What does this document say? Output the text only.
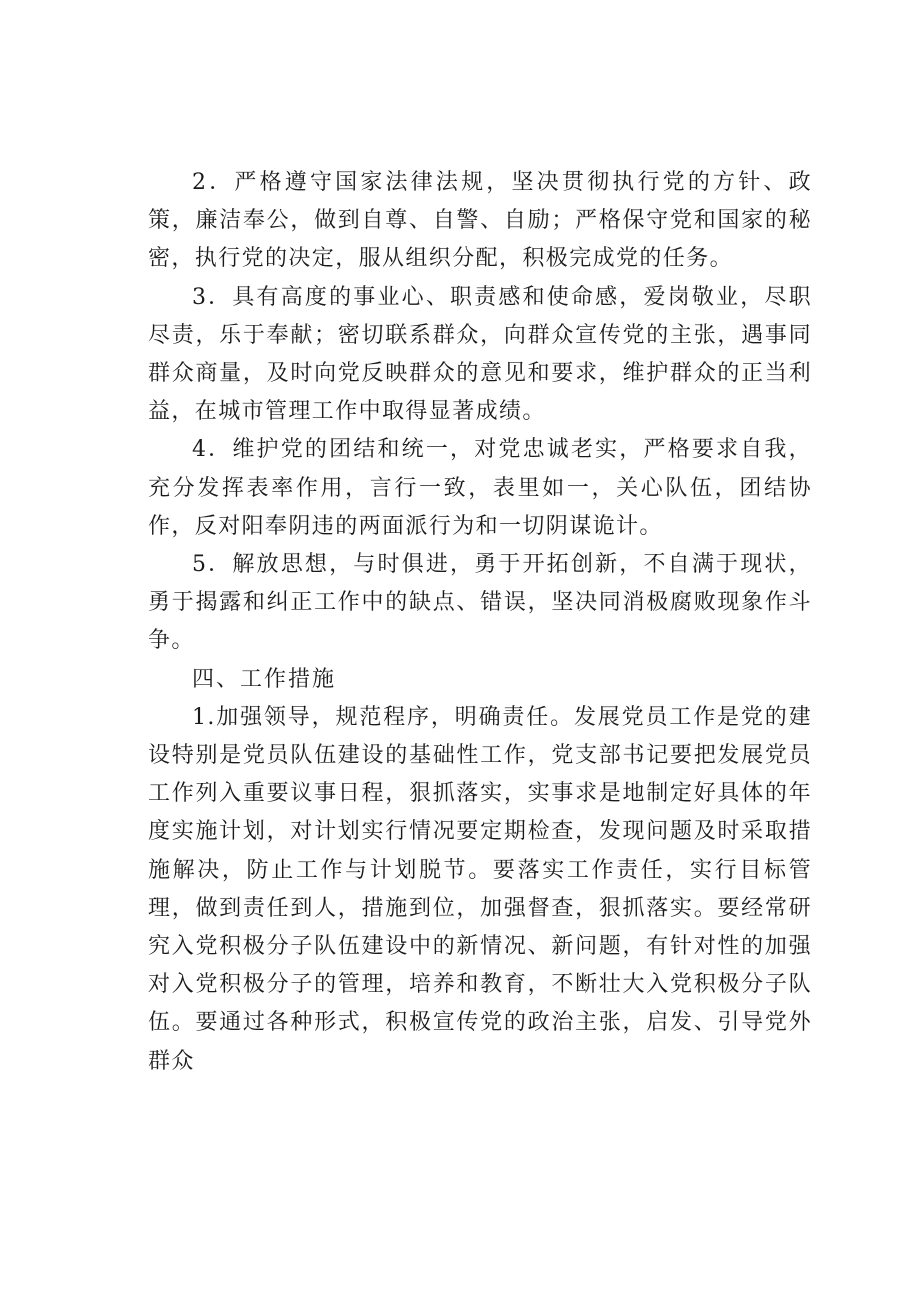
2．严格遵守国家法律法规，坚决贯彻执行党的方针、政策，廉洁奉公，做到自尊、自警、自励；严格保守党和国家的秘密，执行党的决定，服从组织分配，积极完成党的任务。

3．具有高度的事业心、职责感和使命感，爱岗敬业，尽职尽责，乐于奉献；密切联系群众，向群众宣传党的主张，遇事同群众商量，及时向党反映群众的意见和要求，维护群众的正当利益，在城市管理工作中取得显著成绩。

4．维护党的团结和统一，对党忠诚老实，严格要求自我，充分发挥表率作用，言行一致，表里如一，关心队伍，团结协作，反对阳奉阴违的两面派行为和一切阴谋诡计。

5．解放思想，与时俱进，勇于开拓创新，不自满于现状，勇于揭露和纠正工作中的缺点、错误，坚决同消极腐败现象作斗争。

四、工作措施

1.加强领导，规范程序，明确责任。发展党员工作是党的建设特别是党员队伍建设的基础性工作，党支部书记要把发展党员工作列入重要议事日程，狠抓落实，实事求是地制定好具体的年度实施计划，对计划实行情况要定期检查，发现问题及时采取措施解决，防止工作与计划脱节。要落实工作责任，实行目标管理，做到责任到人，措施到位，加强督查，狠抓落实。要经常研究入党积极分子队伍建设中的新情况、新问题，有针对性的加强对入党积极分子的管理，培养和教育，不断壮大入党积极分子队伍。要通过各种形式，积极宣传党的政治主张，启发、引导党外群众
